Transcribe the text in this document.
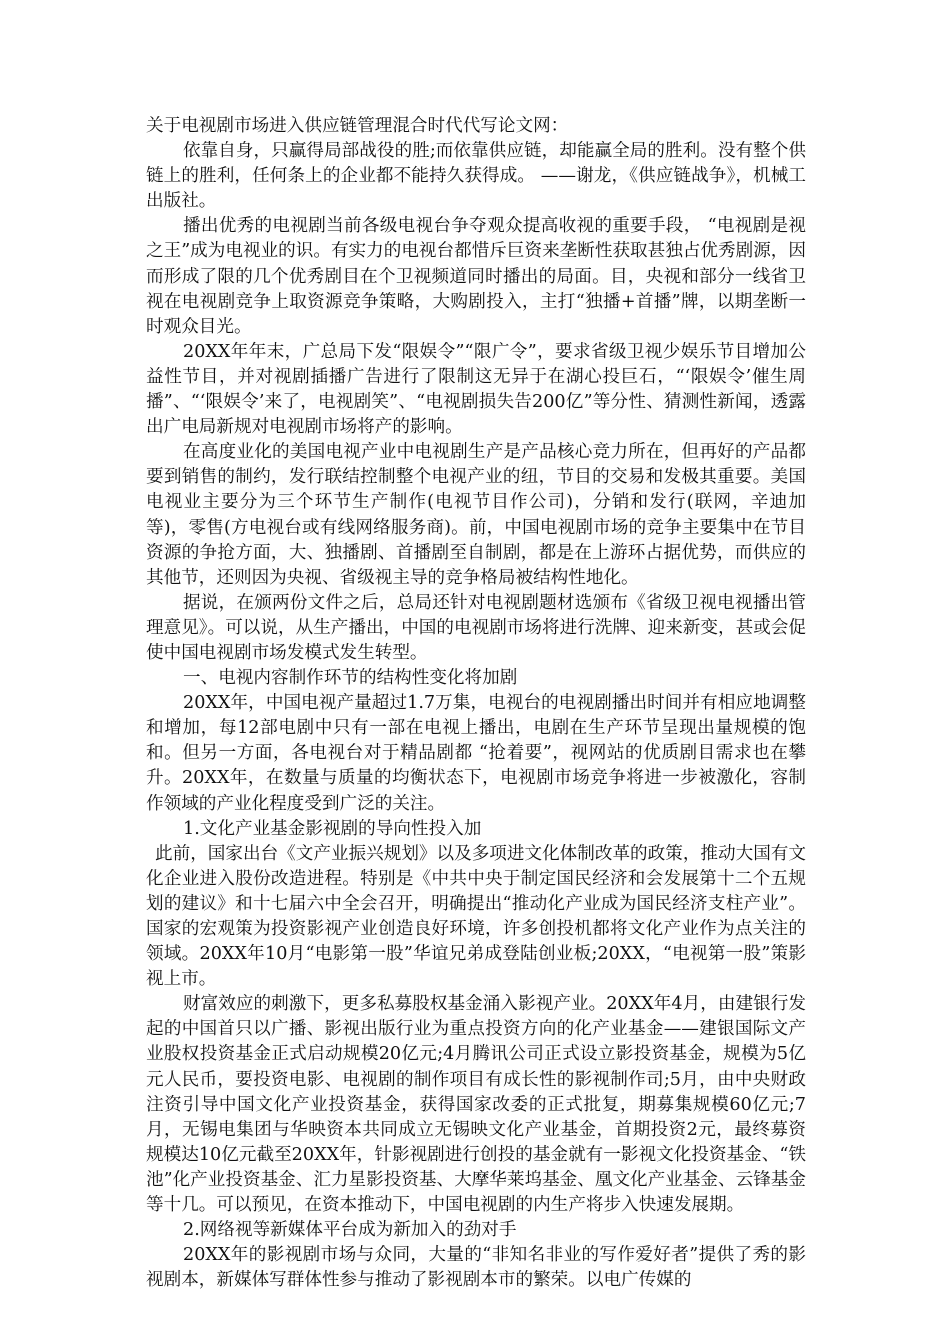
关于电视剧市场进入供应链管理混合时代代写论文网：

依靠自身，只赢得局部战役的胜;而依靠供应链，却能赢全局的胜利。没有整个供链上的胜利，任何条上的企业都不能持久获得成。 ——谢龙，《供应链战争》，机械工出版社。

播出优秀的电视剧当前各级电视台争夺观众提高收视的重要手段， “电视剧是视之王”成为电视业的识。有实力的电视台都惜斥巨资来垄断性获取甚独占优秀剧源，因而形成了限的几个优秀剧目在个卫视频道同时播出的局面。目，央视和部分一线省卫视在电视剧竞争上取资源竞争策略，大购剧投入，主打“独播+首播”牌，以期垄断一时观众目光。

20XX年年末，广总局下发“限娱令”“限广令”，要求省级卫视少娱乐节目增加公益性节目，并对视剧插播广告进行了限制这无异于在湖心投巨石，“‘限娱令’催生周播”、“‘限娱令’来了，电视剧笑”、“电视剧损失告200亿”等分性、猜测性新闻，透露出广电局新规对电视剧市场将产的影响。

在高度业化的美国电视产业中电视剧生产是产品核心竞力所在，但再好的产品都要到销售的制约，发行联结控制整个电视产业的纽，节目的交易和发极其重要。美国电视业主要分为三个环节生产制作(电视节目作公司)，分销和发行(联网，辛迪加等)，零售(方电视台或有线网络服务商)。前，中国电视剧市场的竞争主要集中在节目资源的争抢方面，大、独播剧、首播剧至自制剧，都是在上游环占据优势，而供应的其他节，还则因为央视、省级视主导的竞争格局被结构性地化。

据说，在颁两份文件之后，总局还针对电视剧题材选颁布《省级卫视电视播出管理意见》。可以说，从生产播出，中国的电视剧市场将进行洗牌、迎来新变，甚或会促使中国电视剧市场发模式发生转型。

一、电视内容制作环节的结构性变化将加剧

20XX年，中国电视产量超过1.7万集，电视台的电视剧播出时间并有相应地调整和增加，每12部电剧中只有一部在电视上播出，电剧在生产环节呈现出量规模的饱和。但另一方面，各电视台对于精品剧都 “抢着要”，视网站的优质剧目需求也在攀升。20XX年，在数量与质量的均衡状态下，电视剧市场竞争将进一步被激化，容制作领域的产业化程度受到广泛的关注。

1.文化产业基金影视剧的导向性投入加

此前，国家出台《文产业振兴规划》以及多项进文化体制改革的政策，推动大国有文化企业进入股份改造进程。特别是《中共中央于制定国民经济和会发展第十二个五规划的建议》和十七届六中全会召开，明确提出“推动化产业成为国民经济支柱产业”。国家的宏观策为投资影视产业创造良好环境，许多创投机都将文化产业作为点关注的领域。20XX年10月“电影第一股”华谊兄弟成登陆创业板;20XX，“电视第一股”策影视上市。

财富效应的刺激下，更多私募股权基金涌入影视产业。20XX年4月，由建银行发起的中国首只以广播、影视出版行业为重点投资方向的化产业基金——建银国际文产业股权投资基金正式启动规模20亿元;4月腾讯公司正式设立影投资基金，规模为5亿元人民币，要投资电影、电视剧的制作项目有成长性的影视制作司;5月，由中央财政注资引导中国文化产业投资基金，获得国家改委的正式批复，期募集规模60亿元;7月，无锡电集团与华映资本共同成立无锡映文化产业基金，首期投资2元，最终募资规模达10亿元截至20XX年，针影视剧进行创投的基金就有一影视文化投资基金、“铁池”化产业投资基金、汇力星影投资基、大摩华莱坞基金、凰文化产业基金、云锋基金等十几。可以预见，在资本推动下，中国电视剧的内生产将步入快速发展期。

2.网络视等新媒体平台成为新加入的劲对手

20XX年的影视剧市场与众同，大量的“非知名非业的写作爱好者”提供了秀的影视剧本，新媒体写群体性参与推动了影视剧本市的繁荣。以电广传媒的
